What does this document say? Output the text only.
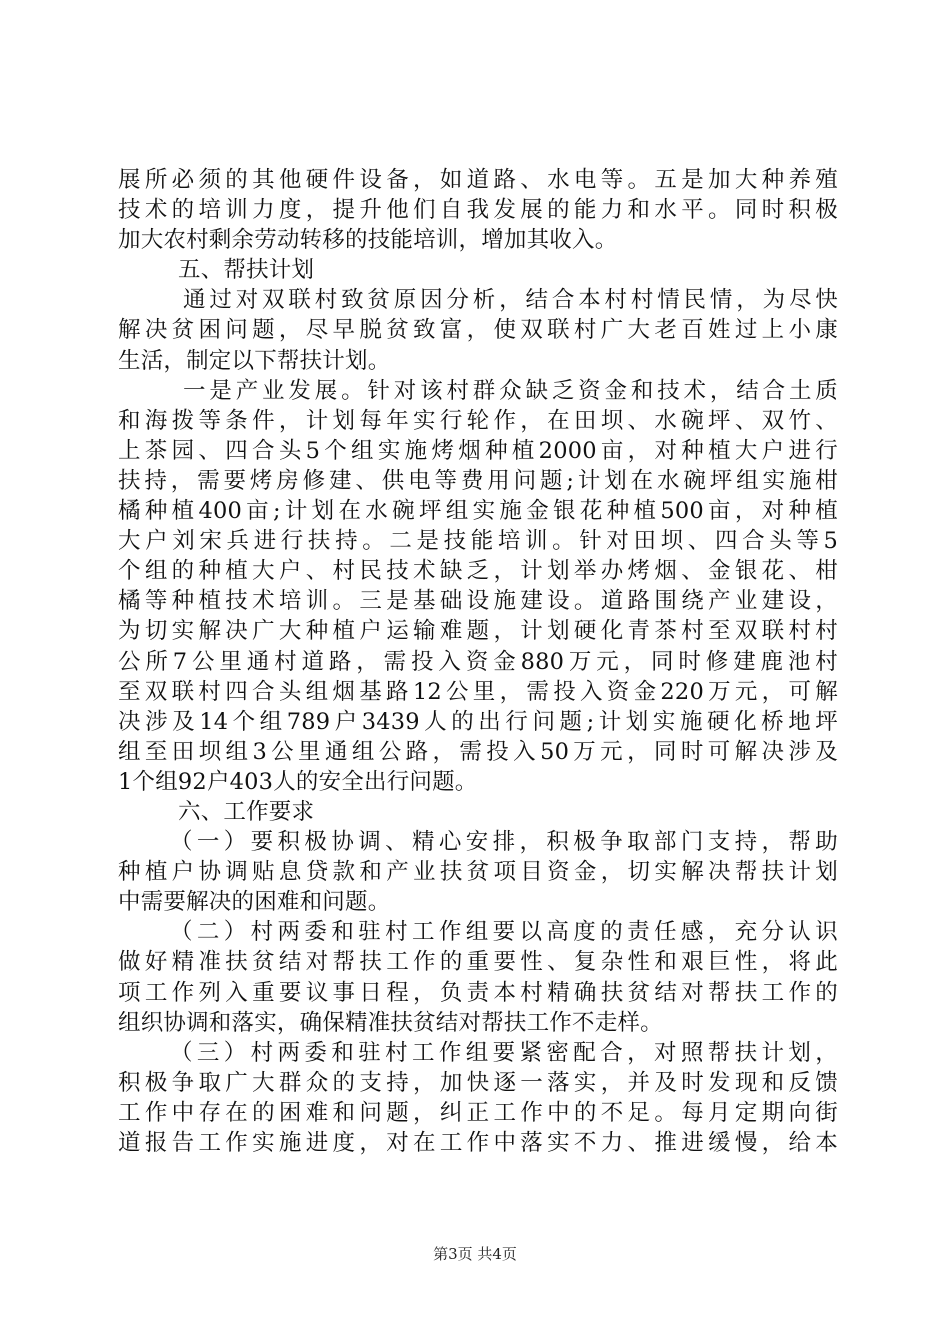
展所必须的其他硬件设备，如道路、水电等。五是加大种养殖
技术的培训力度，提升他们自我发展的能力和水平。同时积极
加大农村剩余劳动转移的技能培训，增加其收入。
五、帮扶计划
通过对双联村致贫原因分析，结合本村村情民情，为尽快
解决贫困问题，尽早脱贫致富，使双联村广大老百姓过上小康
生活，制定以下帮扶计划。
一是产业发展。针对该村群众缺乏资金和技术，结合土质
和海拨等条件，计划每年实行轮作，在田坝、水碗坪、双竹、
上茶园、四合头5个组实施烤烟种植2000亩，对种植大户进行
扶持，需要烤房修建、供电等费用问题;计划在水碗坪组实施柑
橘种植400亩;计划在水碗坪组实施金银花种植500亩，对种植
大户刘宋兵进行扶持。二是技能培训。针对田坝、四合头等5
个组的种植大户、村民技术缺乏，计划举办烤烟、金银花、柑
橘等种植技术培训。三是基础设施建设。道路围绕产业建设，
为切实解决广大种植户运输难题，计划硬化青茶村至双联村村
公所7公里通村道路，需投入资金880万元，同时修建鹿池村
至双联村四合头组烟基路12公里，需投入资金220万元，可解
决涉及14个组789户3439人的出行问题;计划实施硬化桥地坪
组至田坝组3公里通组公路，需投入50万元，同时可解决涉及
1个组92户403人的安全出行问题。
六、工作要求
（一）要积极协调、精心安排，积极争取部门支持，帮助
种植户协调贴息贷款和产业扶贫项目资金，切实解决帮扶计划
中需要解决的困难和问题。
（二）村两委和驻村工作组要以高度的责任感，充分认识
做好精准扶贫结对帮扶工作的重要性、复杂性和艰巨性，将此
项工作列入重要议事日程，负责本村精确扶贫结对帮扶工作的
组织协调和落实，确保精准扶贫结对帮扶工作不走样。
（三）村两委和驻村工作组要紧密配合，对照帮扶计划，
积极争取广大群众的支持，加快逐一落实，并及时发现和反馈
工作中存在的困难和问题，纠正工作中的不足。每月定期向街
道报告工作实施进度，对在工作中落实不力、推进缓慢，给本
第3页 共4页
